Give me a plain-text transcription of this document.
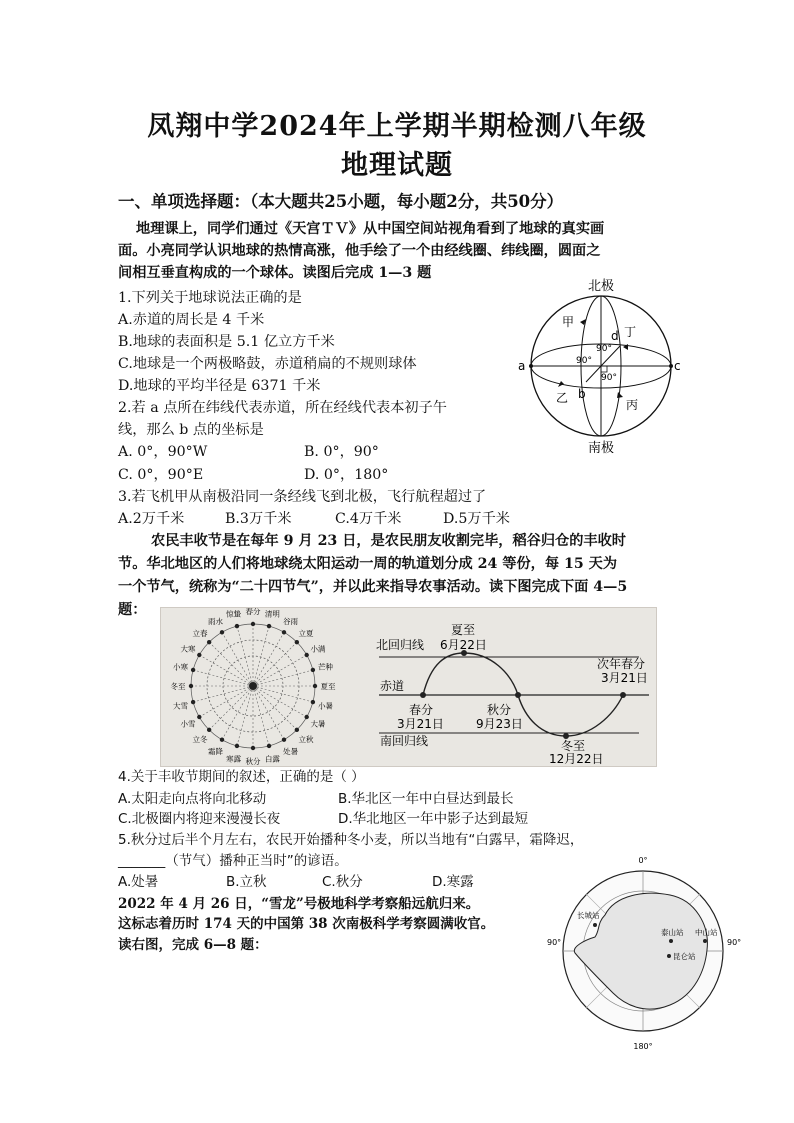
凤翔中学2024年上学期半期检测八年级
地理试题
一、单项选择题：（本大题共25小题，每小题2分，共50分）
地理课上，同学们通过《天宫ＴＶ》从中国空间站视角看到了地球的真实画
面。小亮同学认识地球的热情高涨，他手绘了一个由经线圈、纬线圈，圆面之
间相互垂直构成的一个球体。读图后完成 1—3 题
1.下列关于地球说法正确的是
A.赤道的周长是 4 千米
B.地球的表面积是 5.1 亿立方千米
C.地球是一个两极略鼓，赤道稍扁的不规则球体
D.地球的平均半径是 6371 千米
2.若 a 点所在纬线代表赤道，所在经线代表本初子午
线，那么 b 点的坐标是
A. 0°，90°W	B. 0°，90°
C. 0°，90°E	D. 0°，180°
3.若飞机甲从南极沿同一条经线飞到北极，飞行航程超过了
A.2万千米	B.3万千米	C.4万千米	D.5万千米
北极
90°
90°
90°
a	c
d
b
甲
乙	丙
丁
南极
农民丰收节是在每年 9 月 23 日，是农民朋友收割完毕，稻谷归仓的丰收时
节。华北地区的人们将地球绕太阳运动一周的轨道划分成 24 等份，每 15 天为
一个节气，统称为“二十四节气”，并以此来指导农事活动。读下图完成下面 4—5
题：	春分 清明
谷雨
立夏
小满
芒种
夏至
小暑
大暑
立秋
处暑
白露
秋分
寒露
霜降
立冬
小雪
大雪
冬至
小寒
大寒
立春
雨水
惊蛰
北回归线
赤道
南回归线
夏至
6月22日
春分
3月21日
秋分
9月23日
冬至
12月22日
次年春分
3月21日
4.关于丰收节期间的叙述，正确的是（ ）
A.太阳走向点将向北移动	B.华北区一年中白昼达到最长
C.北极圈内将迎来漫漫长夜	D.华北地区一年中影子达到最短
5.秋分过后半个月左右，农民开始播种冬小麦，所以当地有“白露早，霜降迟，
_______（节气）播种正当时”的谚语。
A.处暑	B.立秋	C.秋分	D.寒露
2022 年 4 月 26 日，“雪龙”号极地科学考察船远航归来。
这标志着历时 174 天的中国第 38 次南极科学考察圆满收官。
读右图，完成 6—8 题：
0°
90°	90°
180°
长城站
泰山站 中山站
昆仑站
